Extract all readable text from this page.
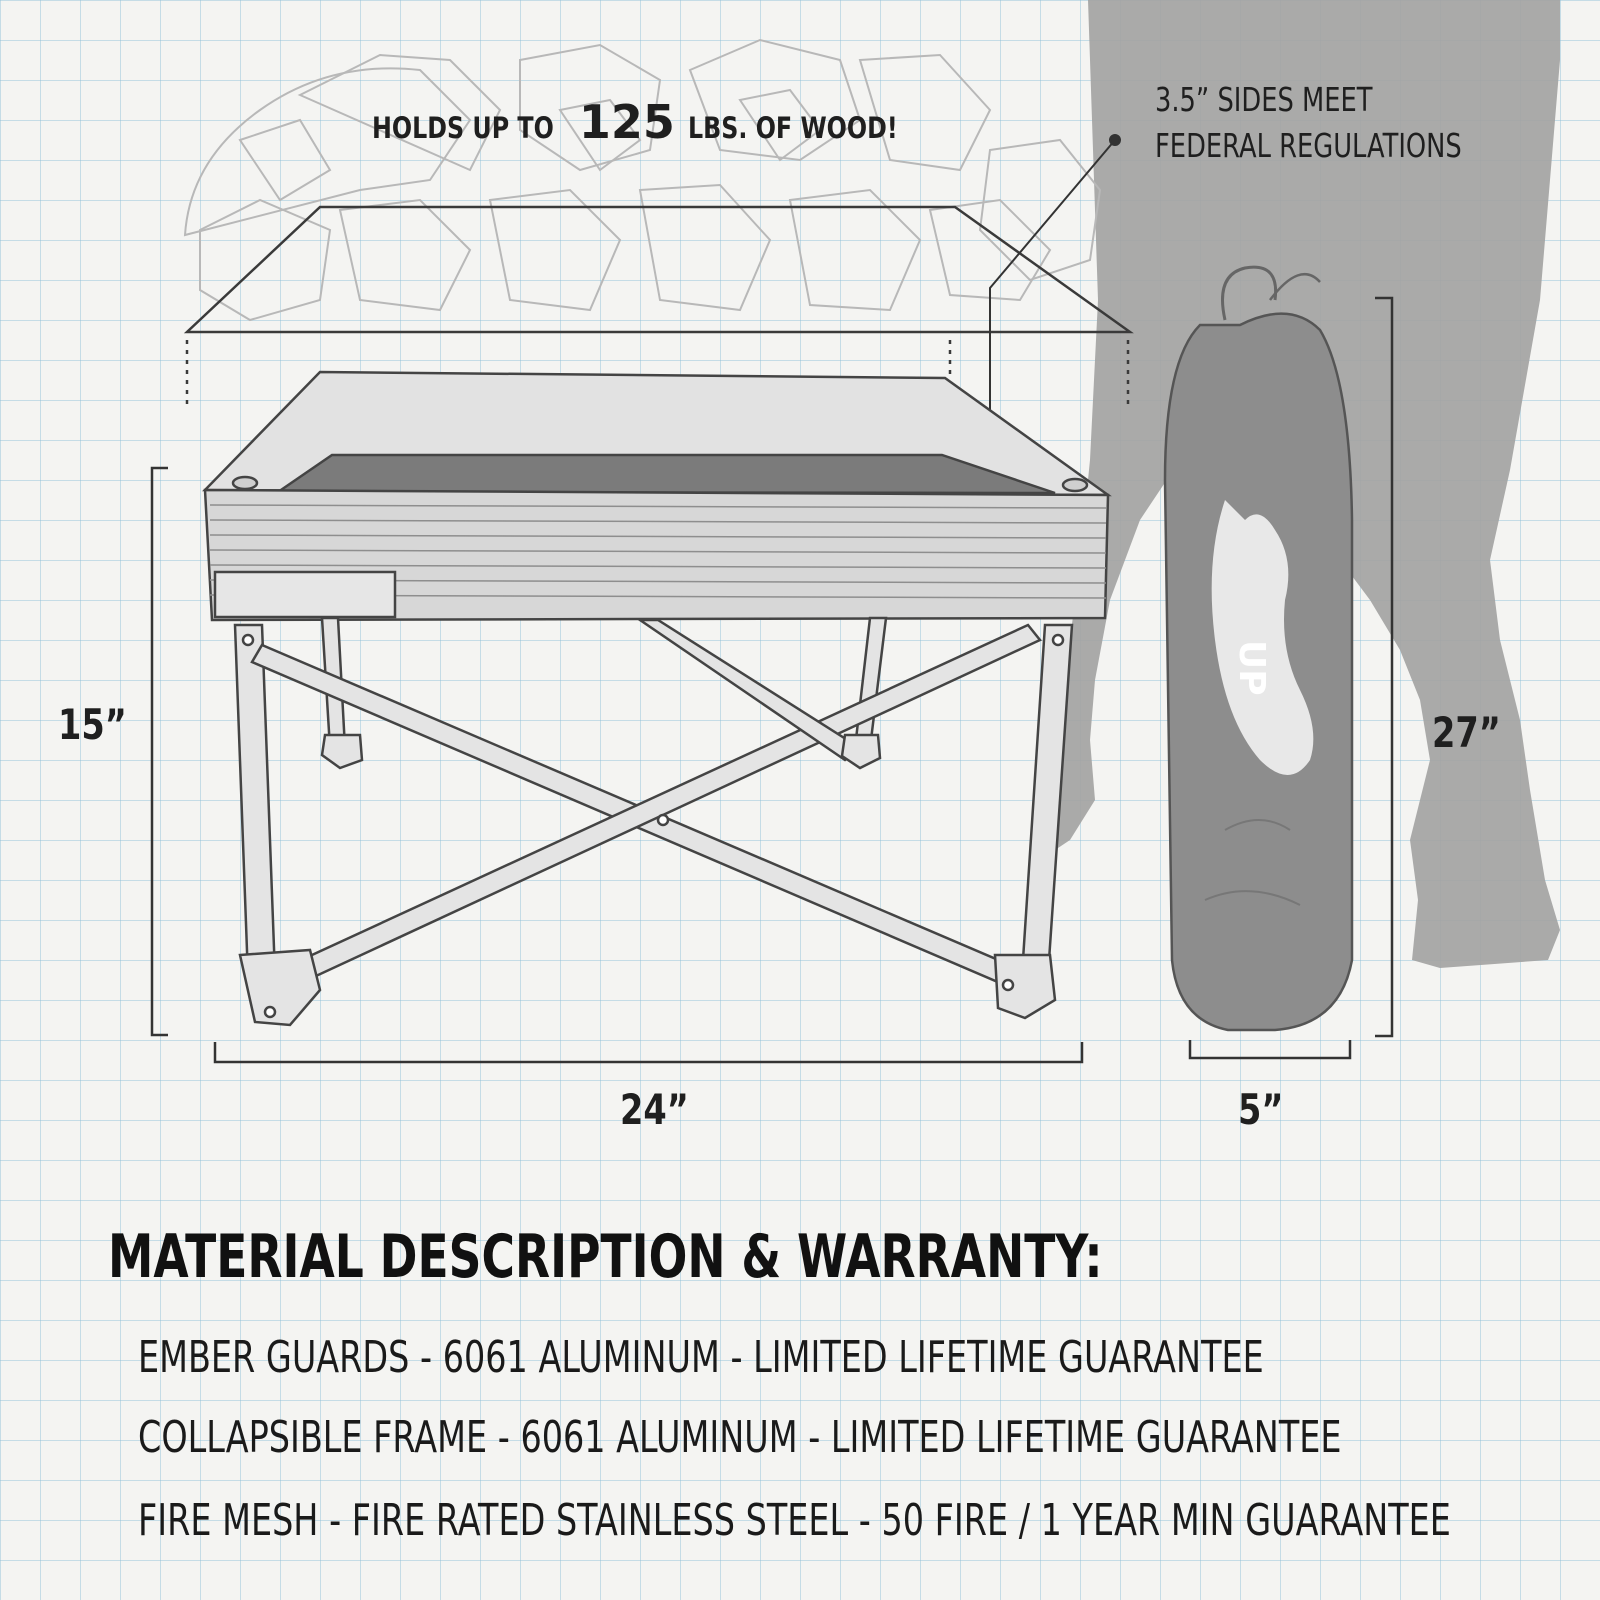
UP
HOLDS UP TO 125 LBS. OF WOOD!
3.5” SIDES MEET
FEDERAL REGULATIONS
15”
24”	5”
27”
MATERIAL DESCRIPTION & WARRANTY:
EMBER GUARDS - 6061 ALUMINUM - LIMITED LIFETIME GUARANTEE
COLLAPSIBLE FRAME - 6061 ALUMINUM - LIMITED LIFETIME GUARANTEE
FIRE MESH - FIRE RATED STAINLESS STEEL - 50 FIRE / 1 YEAR MIN GUARANTEE
